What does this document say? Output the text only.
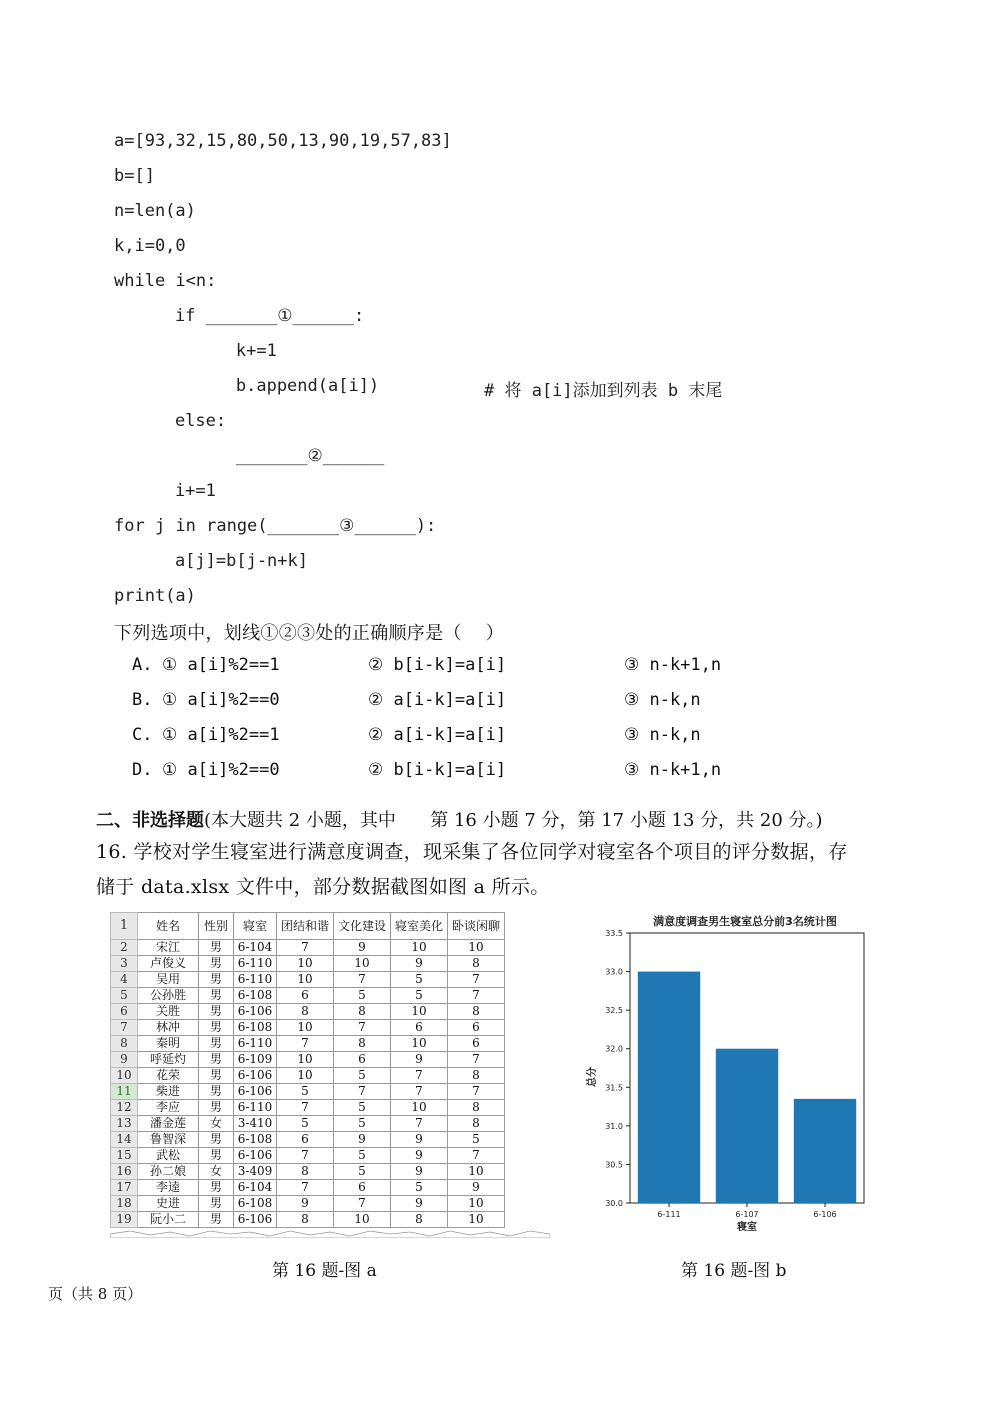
a=[93,32,15,80,50,13,90,19,57,83]
b=[]
n=len(a)
k,i=0,0
while i<n:
if _______①______:
k+=1
b.append(a[i])	# 将 a[i]添加到列表 b 末尾
else:
_______②______
i+=1
for j in range(_______③______):
a[j]=b[j-n+k]
print(a)
下列选项中，划线①②③处的正确顺序是（    ）
A. ① a[i]%2==1	② b[i-k]=a[i]	③ n-k+1,n
B. ① a[i]%2==0	② a[i-k]=a[i]	③ n-k,n
C. ① a[i]%2==1	② a[i-k]=a[i]	③ n-k,n
D. ① a[i]%2==0	② b[i-k]=a[i]	③ n-k+1,n
二、非选择题(本大题共 2 小题，其中      第 16 小题 7 分，第 17 小题 13 分，共 20 分。)
16. 学校对学生寝室进行满意度调查，现采集了各位同学对寝室各个项目的评分数据，存
储于 data.xlsx 文件中，部分数据截图如图 a 所示。
1	姓名	性别	寝室	团结和谐	文化建设	寝室美化	卧谈闲聊
2	宋江	男	6-104	7	9	10	10
3	卢俊义	男	6-110	10	10	9	8
4	吴用	男	6-110	10	7	5	7
5	公孙胜	男	6-108	6	5	5	7
6	关胜	男	6-106	8	8	10	8
7	林冲	男	6-108	10	7	6	6
8	秦明	男	6-110	7	8	10	6
9	呼延灼	男	6-109	10	6	9	7
10	花荣	男	6-106	10	5	7	8
11	柴进	男	6-106	5	7	7	7
12	李应	男	6-110	7	5	10	8
13	潘金莲	女	3-410	5	5	7	8
14	鲁智深	男	6-108	6	9	9	5
15	武松	男	6-106	7	5	9	7
16	孙二娘	女	3-409	8	5	9	10
17	李逵	男	6-104	7	6	5	9
18	史进	男	6-108	9	7	9	10
19	阮小二	男	6-106	8	10	8	10
满意度调查男生寝室总分前3名统计图
30.0
30.5
31.0
31.5
32.0
32.5
33.0
33.5
6-111	6-107	6-106
总分
寝室
第 16 题-图 a	第 16 题-图 b
页（共 8 页）
